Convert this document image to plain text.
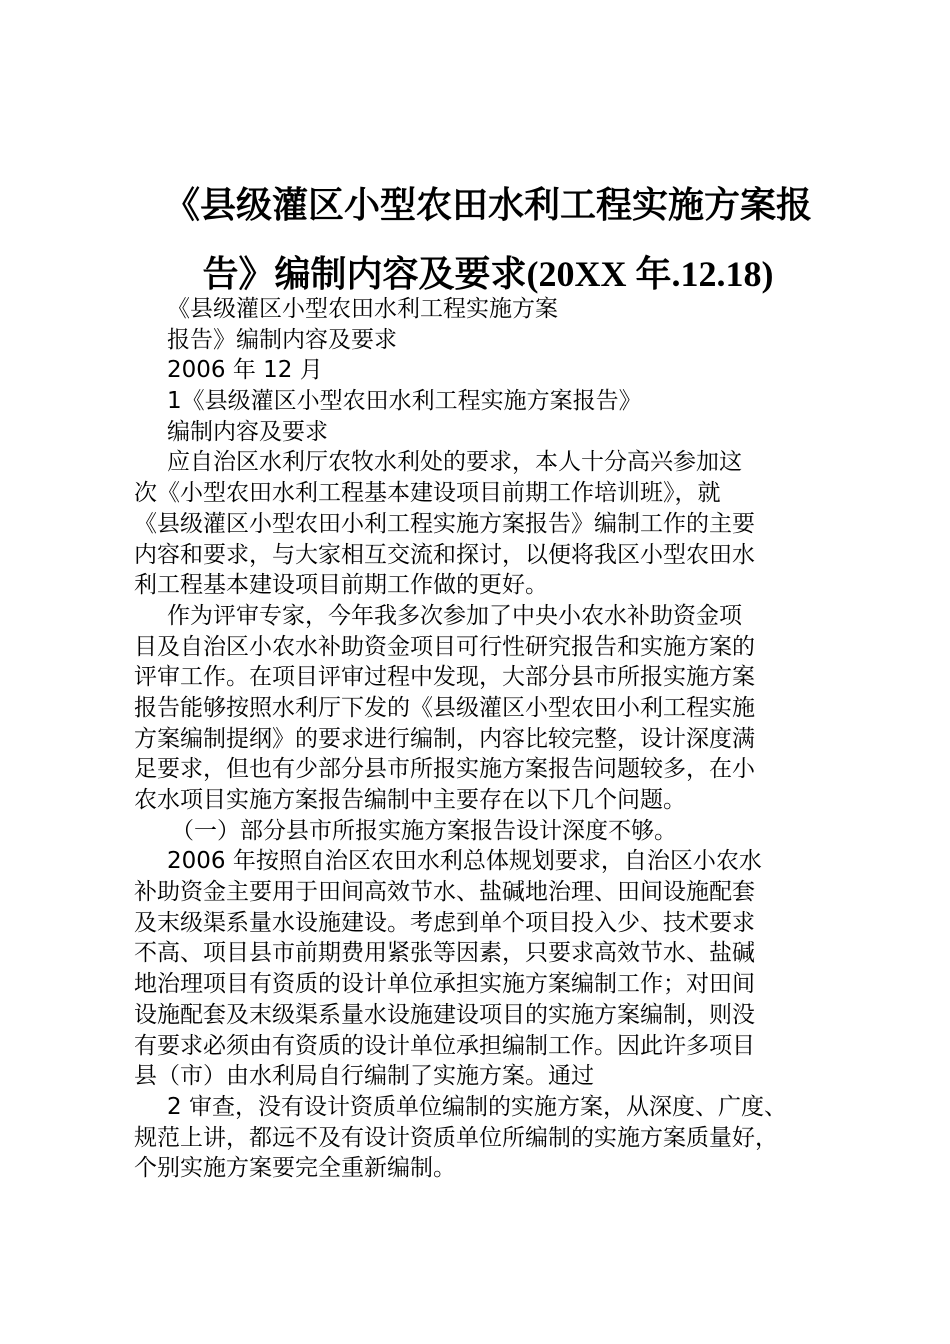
《县级灌区小型农田水利工程实施方案报
告》编制内容及要求(20XX 年.12.18)
《县级灌区小型农田水利工程实施方案
报告》编制内容及要求
2006 年 12 月
1《县级灌区小型农田水利工程实施方案报告》
编制内容及要求
应自治区水利厅农牧水利处的要求，本人十分高兴参加这
次《小型农田水利工程基本建设项目前期工作培训班》，就
《县级灌区小型农田小利工程实施方案报告》编制工作的主要
内容和要求，与大家相互交流和探讨，以便将我区小型农田水
利工程基本建设项目前期工作做的更好。
作为评审专家，今年我多次参加了中央小农水补助资金项
目及自治区小农水补助资金项目可行性研究报告和实施方案的
评审工作。在项目评审过程中发现，大部分县市所报实施方案
报告能够按照水利厅下发的《县级灌区小型农田小利工程实施
方案编制提纲》的要求进行编制，内容比较完整，设计深度满
足要求，但也有少部分县市所报实施方案报告问题较多，在小
农水项目实施方案报告编制中主要存在以下几个问题。
（一）部分县市所报实施方案报告设计深度不够。
2006 年按照自治区农田水利总体规划要求，自治区小农水
补助资金主要用于田间高效节水、盐碱地治理、田间设施配套
及末级渠系量水设施建设。考虑到单个项目投入少、技术要求
不高、项目县市前期费用紧张等因素，只要求高效节水、盐碱
地治理项目有资质的设计单位承担实施方案编制工作；对田间
设施配套及末级渠系量水设施建设项目的实施方案编制，则没
有要求必须由有资质的设计单位承担编制工作。因此许多项目
县（市）由水利局自行编制了实施方案。通过
2 审查，没有设计资质单位编制的实施方案，从深度、广度、
规范上讲，都远不及有设计资质单位所编制的实施方案质量好，
个别实施方案要完全重新编制。
